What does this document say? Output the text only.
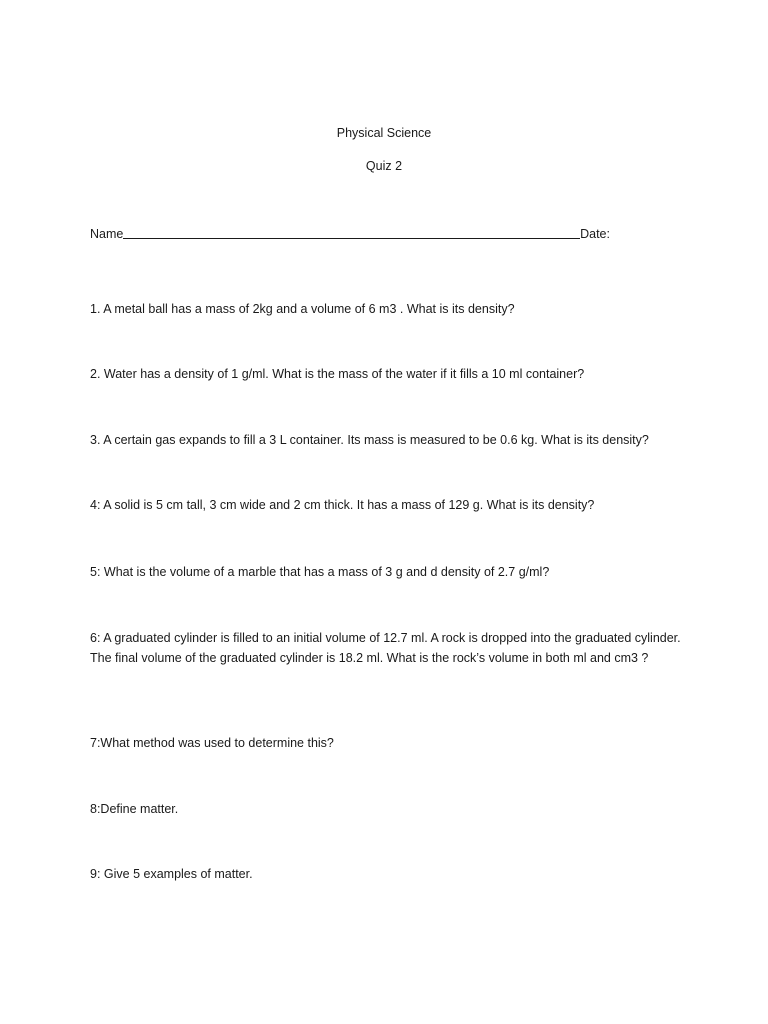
Physical Science
Quiz 2
Name	Date:
1. A metal ball has a mass of 2kg and a volume of 6 m3 . What is its density?
2. Water has a density of 1 g/ml. What is the mass of the water if it fills a 10 ml container?
3. A certain gas expands to fill a 3 L container. Its mass is measured to be 0.6 kg. What is its density?
4: A solid is 5 cm tall, 3 cm wide and 2 cm thick. It has a mass of 129 g. What is its density?
5: What is the volume of a marble that has a mass of 3 g and d density of 2.7 g/ml?
6: A graduated cylinder is filled to an initial volume of 12.7 ml. A rock is dropped into the graduated cylinder. The final volume of the graduated cylinder is 18.2 ml. What is the rock’s volume in both ml and cm3 ?
7:What method was used to determine this?
8:Define matter.
9: Give 5 examples of matter.
